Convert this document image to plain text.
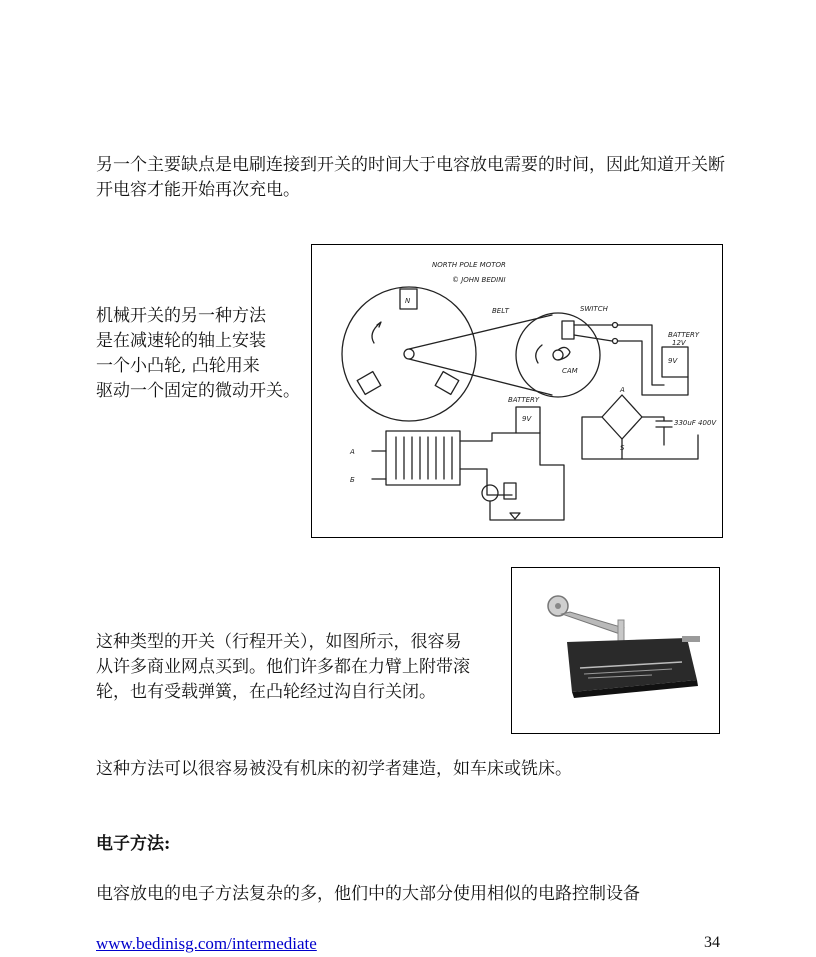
另一个主要缺点是电刷连接到开关的时间大于电容放电需要的时间，因此知道开关断
开电容才能开始再次充电。
机械开关的另一种方法
是在减速轮的轴上安装
一个小凸轮, 凸轮用来
驱动一个固定的微动开关。
NORTH POLE MOTOR
© JOHN BEDINI
N
BELT
CAM
SWITCH
BATTERY
12V
9V
A
S
330uF 400V
BATTERY
9V
A
Б
这种类型的开关（行程开关），如图所示，很容易
从许多商业网点买到。他们许多都在力臂上附带滚
轮，也有受载弹簧，在凸轮经过沟自行关闭。
这种方法可以很容易被没有机床的初学者建造，如车床或铣床。
电子方法:
电容放电的电子方法复杂的多，他们中的大部分使用相似的电路控制设备
www.bedinisg.com/intermediate	34
